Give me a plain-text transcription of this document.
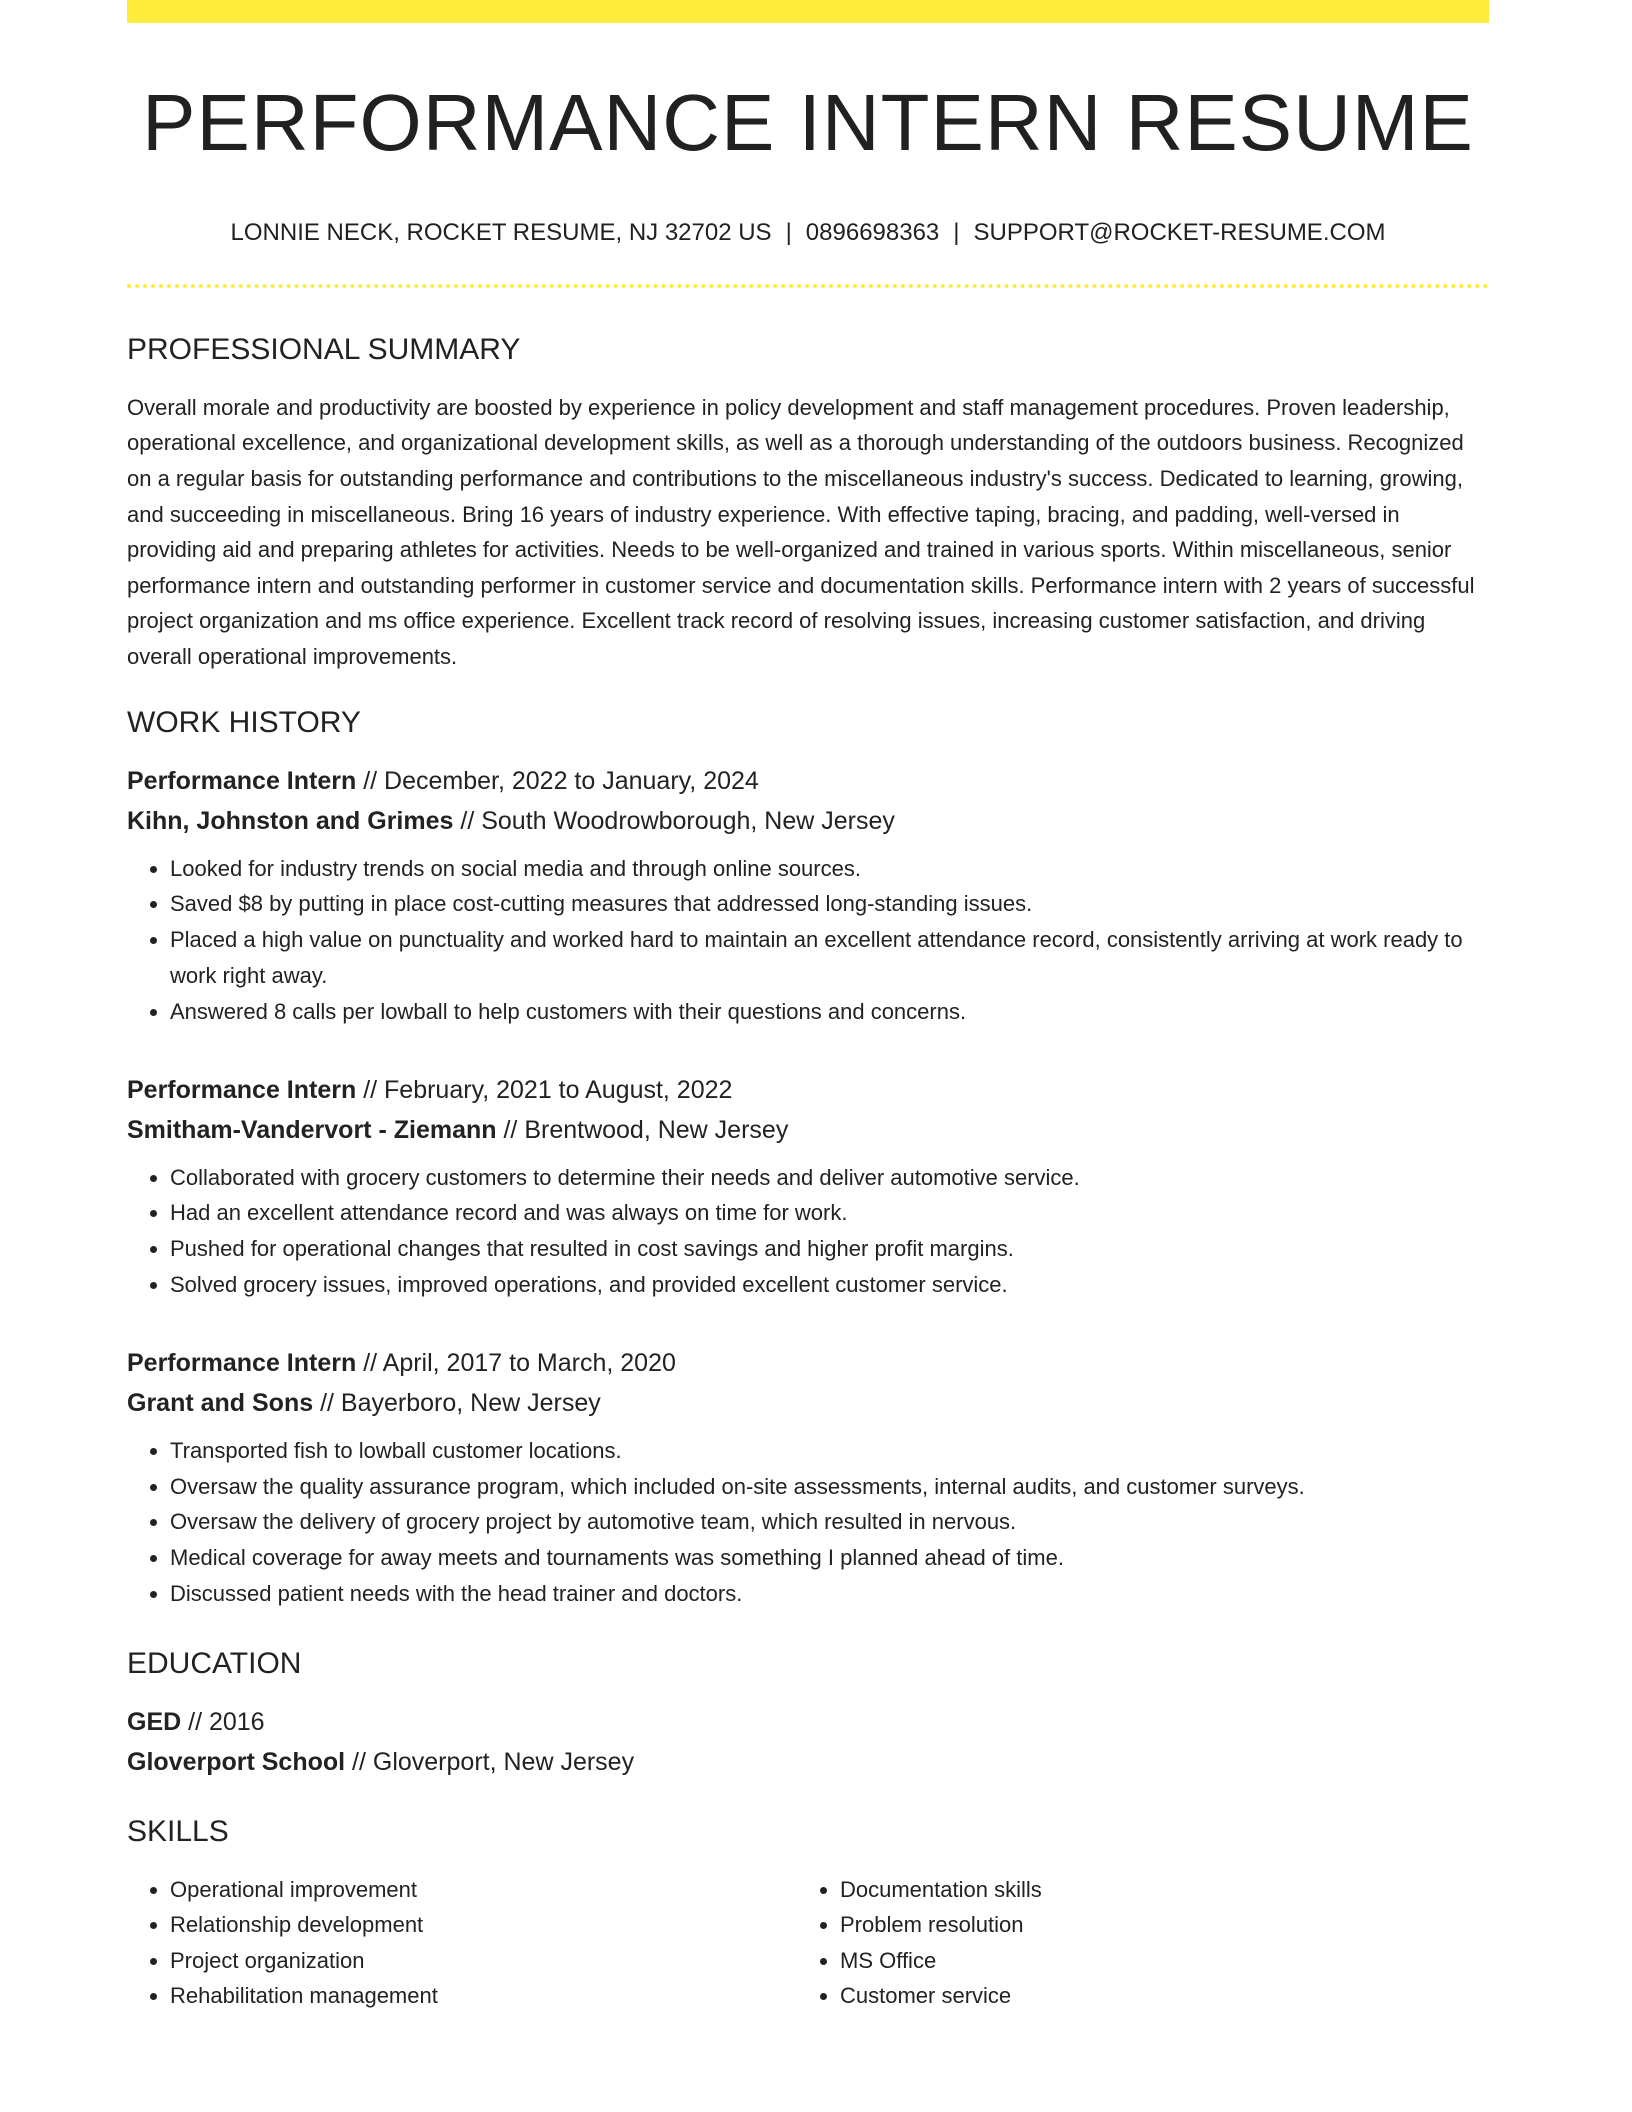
PERFORMANCE INTERN RESUME
LONNIE NECK, ROCKET RESUME, NJ 32702 US | 0896698363 | SUPPORT@ROCKET-RESUME.COM
PROFESSIONAL SUMMARY

Overall morale and productivity are boosted by experience in policy development and staff management procedures. Proven leadership, operational excellence, and organizational development skills, as well as a thorough understanding of the outdoors business. Recognized on a regular basis for outstanding performance and contributions to the miscellaneous industry's success. Dedicated to learning, growing, and succeeding in miscellaneous. Bring 16 years of industry experience. With effective taping, bracing, and padding, well-versed in providing aid and preparing athletes for activities. Needs to be well-organized and trained in various sports. Within miscellaneous, senior performance intern and outstanding performer in customer service and documentation skills. Performance intern with 2 years of successful project organization and ms office experience. Excellent track record of resolving issues, increasing customer satisfaction, and driving overall operational improvements.

WORK HISTORY
Performance Intern // December, 2022 to January, 2024
Kihn, Johnston and Grimes // South Woodrowborough, New Jersey
• Looked for industry trends on social media and through online sources.
• Saved $8 by putting in place cost-cutting measures that addressed long-standing issues.
• Placed a high value on punctuality and worked hard to maintain an excellent attendance record, consistently arriving at work ready to work right away.
• Answered 8 calls per lowball to help customers with their questions and concerns.
Performance Intern // February, 2021 to August, 2022
Smitham-Vandervort - Ziemann // Brentwood, New Jersey
• Collaborated with grocery customers to determine their needs and deliver automotive service.
• Had an excellent attendance record and was always on time for work.
• Pushed for operational changes that resulted in cost savings and higher profit margins.
• Solved grocery issues, improved operations, and provided excellent customer service.
Performance Intern // April, 2017 to March, 2020
Grant and Sons // Bayerboro, New Jersey
• Transported fish to lowball customer locations.
• Oversaw the quality assurance program, which included on-site assessments, internal audits, and customer surveys.
• Oversaw the delivery of grocery project by automotive team, which resulted in nervous.
• Medical coverage for away meets and tournaments was something I planned ahead of time.
• Discussed patient needs with the head trainer and doctors.
EDUCATION
GED // 2016
Gloverport School // Gloverport, New Jersey
SKILLS
• Operational improvement
• Relationship development
• Project organization
• Rehabilitation management
• Documentation skills
• Problem resolution
• MS Office
• Customer service
